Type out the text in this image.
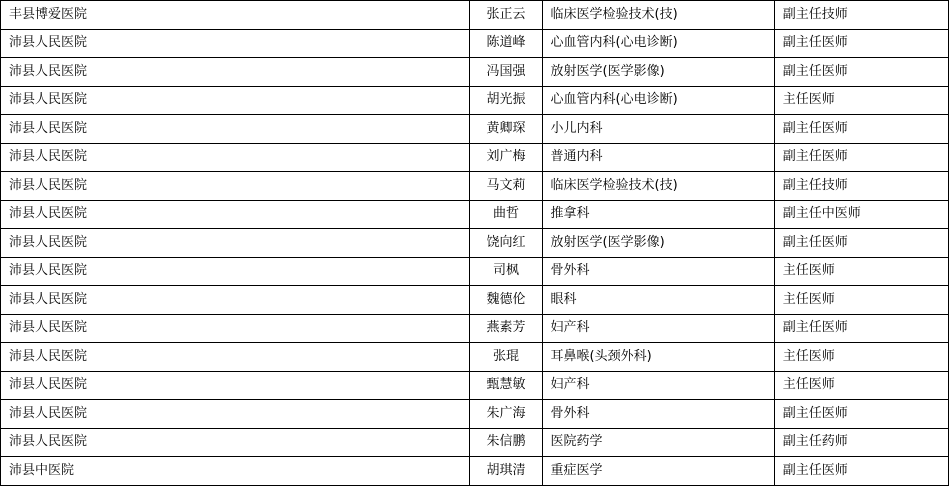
丰县博爱医院	张正云	临床医学检验技术(技)	副主任技师
沛县人民医院	陈道峰	心血管内科(心电诊断)	副主任医师
沛县人民医院	冯国强	放射医学(医学影像)	副主任医师
沛县人民医院	胡光振	心血管内科(心电诊断)	主任医师
沛县人民医院	黄卿琛	小儿内科	副主任医师
沛县人民医院	刘广梅	普通内科	副主任医师
沛县人民医院	马文莉	临床医学检验技术(技)	副主任技师
沛县人民医院	曲哲	推拿科	副主任中医师
沛县人民医院	饶向红	放射医学(医学影像)	副主任医师
沛县人民医院	司枫	骨外科	主任医师
沛县人民医院	魏德伦	眼科	主任医师
沛县人民医院	燕素芳	妇产科	副主任医师
沛县人民医院	张琨	耳鼻喉(头颈外科)	主任医师
沛县人民医院	甄慧敏	妇产科	主任医师
沛县人民医院	朱广海	骨外科	副主任医师
沛县人民医院	朱信鹏	医院药学	副主任药师
沛县中医院	胡琪清	重症医学	副主任医师
